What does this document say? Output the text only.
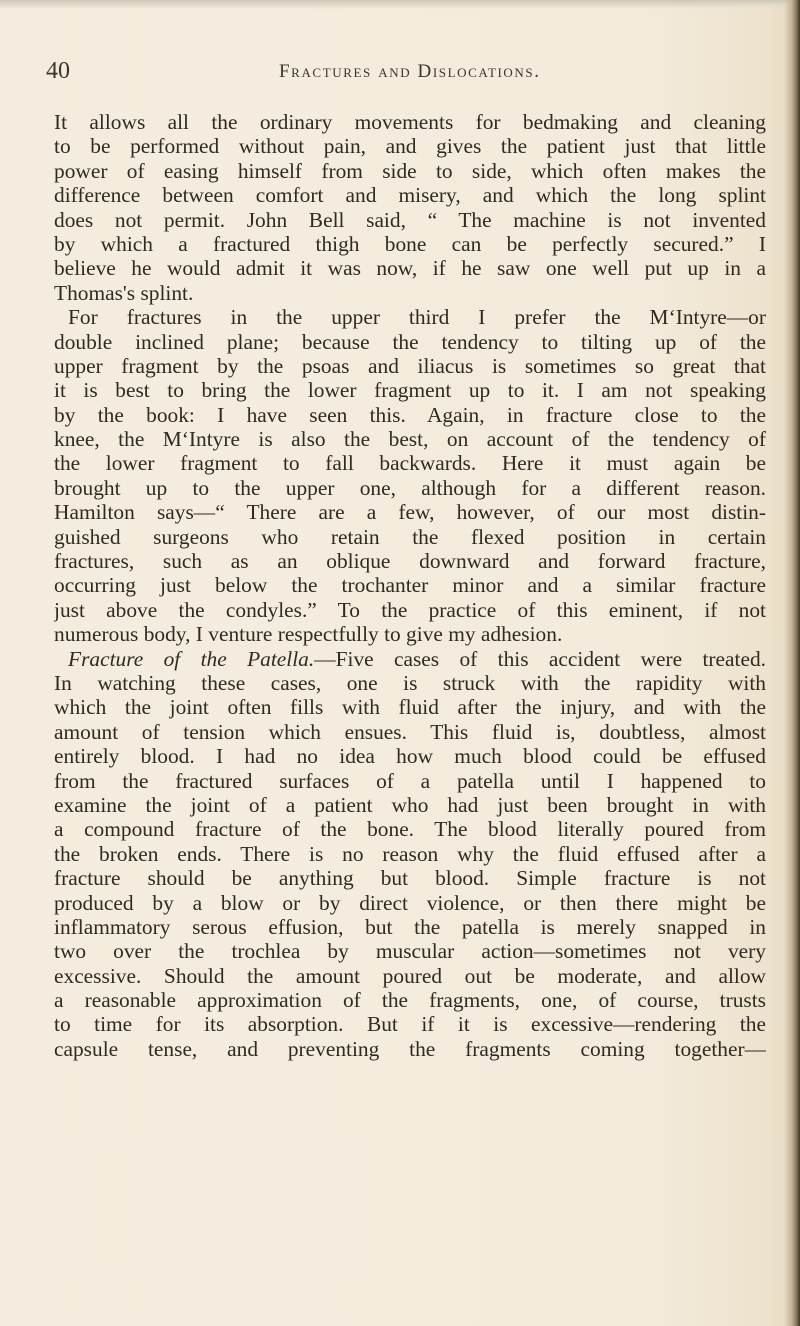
40	Fractures and Dislocations.
It allows all the ordinary movements for bedmaking and cleaning
to be performed without pain, and gives the patient just that little
power of easing himself from side to side, which often makes the
difference between comfort and misery, and which the long splint
does not permit. John Bell said, “ The machine is not invented
by which a fractured thigh bone can be perfectly secured.” I
believe he would admit it was now, if he saw one well put up in a
Thomas's splint.
For fractures in the upper third I prefer the M‘Intyre—or
double inclined plane; because the tendency to tilting up of the
upper fragment by the psoas and iliacus is sometimes so great that
it is best to bring the lower fragment up to it. I am not speaking
by the book: I have seen this. Again, in fracture close to the
knee, the M‘Intyre is also the best, on account of the tendency of
the lower fragment to fall backwards. Here it must again be
brought up to the upper one, although for a different reason.
Hamilton says—“ There are a few, however, of our most distin-
guished surgeons who retain the flexed position in certain
fractures, such as an oblique downward and forward fracture,
occurring just below the trochanter minor and a similar fracture
just above the condyles.” To the practice of this eminent, if not
numerous body, I venture respectfully to give my adhesion.
Fracture of the Patella.—Five cases of this accident were treated.
In watching these cases, one is struck with the rapidity with
which the joint often fills with fluid after the injury, and with the
amount of tension which ensues. This fluid is, doubtless, almost
entirely blood. I had no idea how much blood could be effused
from the fractured surfaces of a patella until I happened to
examine the joint of a patient who had just been brought in with
a compound fracture of the bone. The blood literally poured from
the broken ends. There is no reason why the fluid effused after a
fracture should be anything but blood. Simple fracture is not
produced by a blow or by direct violence, or then there might be
inflammatory serous effusion, but the patella is merely snapped in
two over the trochlea by muscular action—sometimes not very
excessive. Should the amount poured out be moderate, and allow
a reasonable approximation of the fragments, one, of course, trusts
to time for its absorption. But if it is excessive—rendering the
capsule tense, and preventing the fragments coming together—
